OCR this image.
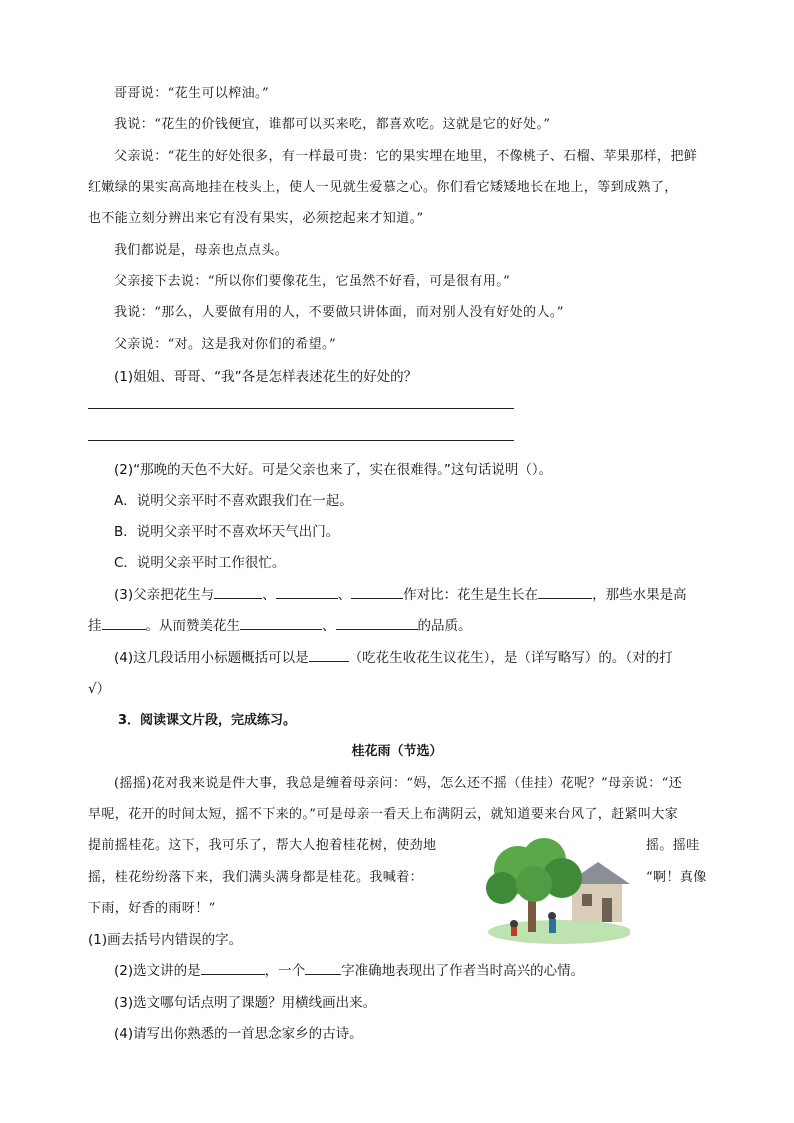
哥哥说：“花生可以榨油。”
我说：“花生的价钱便宜，谁都可以买来吃，都喜欢吃。这就是它的好处。”
父亲说：“花生的好处很多，有一样最可贵：它的果实埋在地里，不像桃子、石榴、苹果那样，把鲜
红嫩绿的果实高高地挂在枝头上，使人一见就生爱慕之心。你们看它矮矮地长在地上，等到成熟了，
也不能立刻分辨出来它有没有果实，必须挖起来才知道。”
我们都说是，母亲也点点头。
父亲接下去说：“所以你们要像花生，它虽然不好看，可是很有用。”
我说：“那么，人要做有用的人，不要做只讲体面，而对别人没有好处的人。”
父亲说：“对。这是我对你们的希望。”
(1)姐姐、哥哥、“我”各是怎样表述花生的好处的？
(2)“那晚的天色不大好。可是父亲也来了，实在很难得。”这句话说明（）。
A．说明父亲平时不喜欢跟我们在一起。
B．说明父亲平时不喜欢坏天气出门。
C．说明父亲平时工作很忙。
(3)父亲把花生与	、	、	作对比：花生是生长在	，那些水果是高
挂	。从而赞美花生	、	的品质。
(4)这几段话用小标题概括可以是	（吃花生收花生议花生），是（详写略写）的。（对的打
√）
3．阅读课文片段，完成练习。
桂花雨（节选）
(摇摇)花对我来说是件大事，我总是缠着母亲问：“妈，怎么还不摇（佳挂）花呢？”母亲说：“还
早呢，花开的时间太短，摇不下来的。”可是母亲一看天上布满阴云，就知道要来台风了，赶紧叫大家
提前摇桂花。这下，我可乐了，帮大人抱着桂花树，使劲地	摇。摇哇
摇，桂花纷纷落下来，我们满头满身都是桂花。我喊着：	“啊！真像
下雨，好香的雨呀！”
(1)画去括号内错误的字。
(2)选文讲的是	，一个	字准确地表现出了作者当时高兴的心情。
(3)选文哪句话点明了课题？用横线画出来。
(4)请写出你熟悉的一首思念家乡的古诗。
